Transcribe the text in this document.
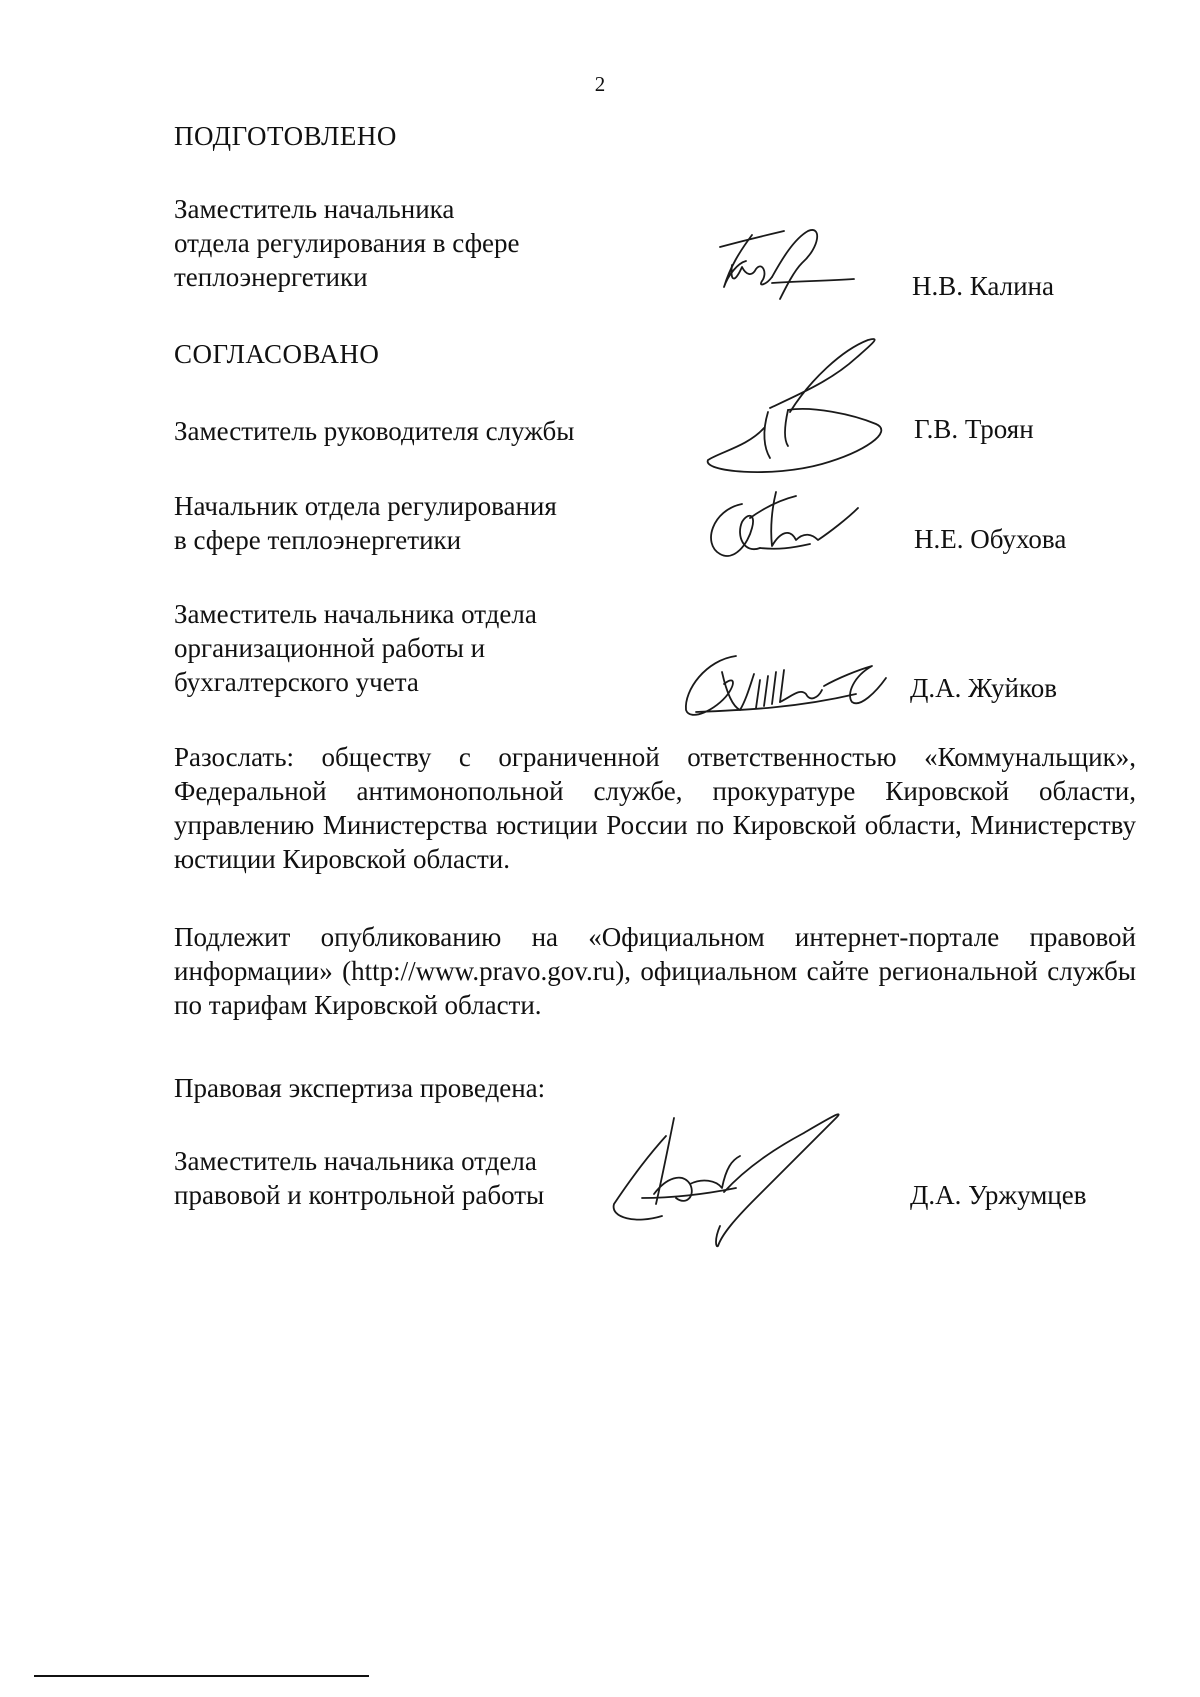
2
ПОДГОТОВЛЕНО
Заместитель начальника
отдела регулирования в сфере
теплоэнергетики	Н.В. Калина
СОГЛАСОВАНО
Заместитель руководителя службы	Г.В. Троян
Начальник отдела регулирования
в сфере теплоэнергетики	Н.Е. Обухова
Заместитель начальника отдела
организационной работы и
бухгалтерского учета	Д.А. Жуйков
Разослать: обществу с ограниченной ответственностью «Коммунальщик», Федеральной антимонопольной службе, прокуратуре Кировской области, управлению Министерства юстиции России по Кировской области, Министерству юстиции Кировской области.
Подлежит опубликованию на «Официальном интернет-портале правовой информации» (http://www.pravo.gov.ru), официальном сайте региональной службы по тарифам Кировской области.
Правовая экспертиза проведена:
Заместитель начальника отдела
правовой и контрольной работы	Д.А. Уржумцев
